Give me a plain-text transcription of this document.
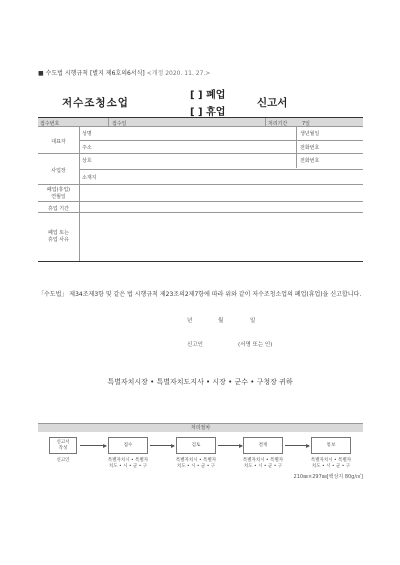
■ 수도법 시행규칙 [별지 제6호의6서식] <개정 2020. 11. 27.>
저수조청소업
[ ] 폐업
[ ] 휴업
신고서
접수번호	접수일	처리기간	7일
대표자
성명	생년월일
주소	전화번호
사업장
상호	전화번호
소재지
폐업(휴업)
연월일
휴업 기간
폐업 또는
휴업 사유
「수도법」 제34조제3항 및 같은 법 시행규칙 제23조의2제7항에 따라 위와 같이 저수조청소업의 폐업(휴업)을 신고합니다.
년	월	일
신고인	(서명 또는 인)
특별자치시장 • 특별자치도지사 • 시장 • 군수 • 구청장 귀하
처리절차
신고서
작성
접수	검토	결재	통보
신고인	특별자치시 • 특별자
치도 • 시 • 군 • 구
특별자치시 • 특별자
치도 • 시 • 군 • 구
특별자치시 • 특별자
치도 • 시 • 군 • 구
특별자치시 • 특별자
치도 • 시 • 군 • 구
210㎜×297㎜[백상지 80g/㎡]
